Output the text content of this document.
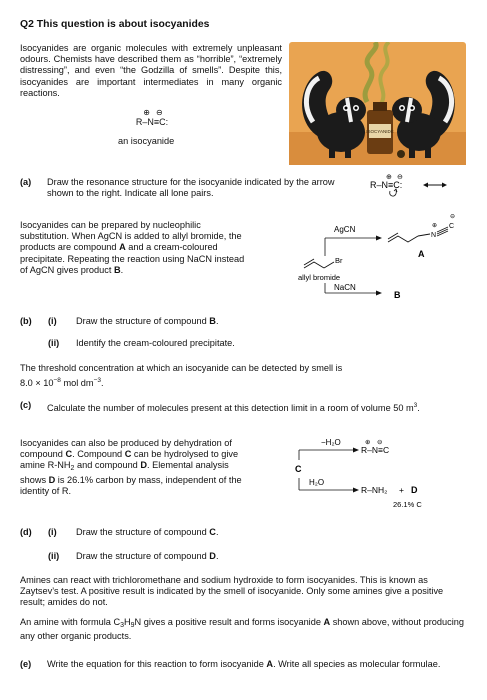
Q2 This question is about isocyanides
Isocyanides are organic molecules with extremely unpleasant odours. Chemists have described them as “horrible”, “extremely distressing”, and even “the Godzilla of smells”. Despite this, isocyanides are important intermediates in many organic reactions.
⊕⊖
R–N≡C:
an isocyanide
ISOCYANIDE
(a) Draw the resonance structure for the isocyanide indicated by the arrow shown to the right. Indicate all lone pairs.
⊕ ⊖
R–N≡C:
Isocyanides can be prepared by nucleophilic substitution. When AgCN is added to allyl bromide, the products are compound A and a cream-coloured precipitate. Repeating the reaction using NaCN instead of AgCN gives product B.
AgCN
Br
allyl bromide
NaCN
B
N
⊕ C
⊖
A
(b) (i) Draw the structure of compound B.
(ii) Identify the cream-coloured precipitate.
The threshold concentration at which an isocyanide can be detected by smell is
$8.0 \times 10^{-8}$ mol $dm^{-3}$.
(c) Calculate the number of molecules present at this detection limit in a room of volume 50 $m^3$.
Isocyanides can also be produced by dehydration of compound C. Compound C can be hydrolysed to give amine $R-NH_2$ and compound D. Elemental analysis shows D is 26.1% carbon by mass, independent of the identity of R.
−H₂O	⊕ ⊖
R–N≡C
C
H₂O
R–NH₂ + D
26.1% C
(d) (i) Draw the structure of compound C.
(ii) Draw the structure of compound D.
Amines can react with trichloromethane and sodium hydroxide to form isocyanides. This is known as Zaytsev’s test. A positive result is indicated by the smell of isocyanide. Only some amines give a positive result; amides do not.
An amine with formula $C_3H_9N$ gives a positive result and forms isocyanide A shown above, without producing any other organic products.
(e) Write the equation for this reaction to form isocyanide A. Write all species as molecular formulae.
